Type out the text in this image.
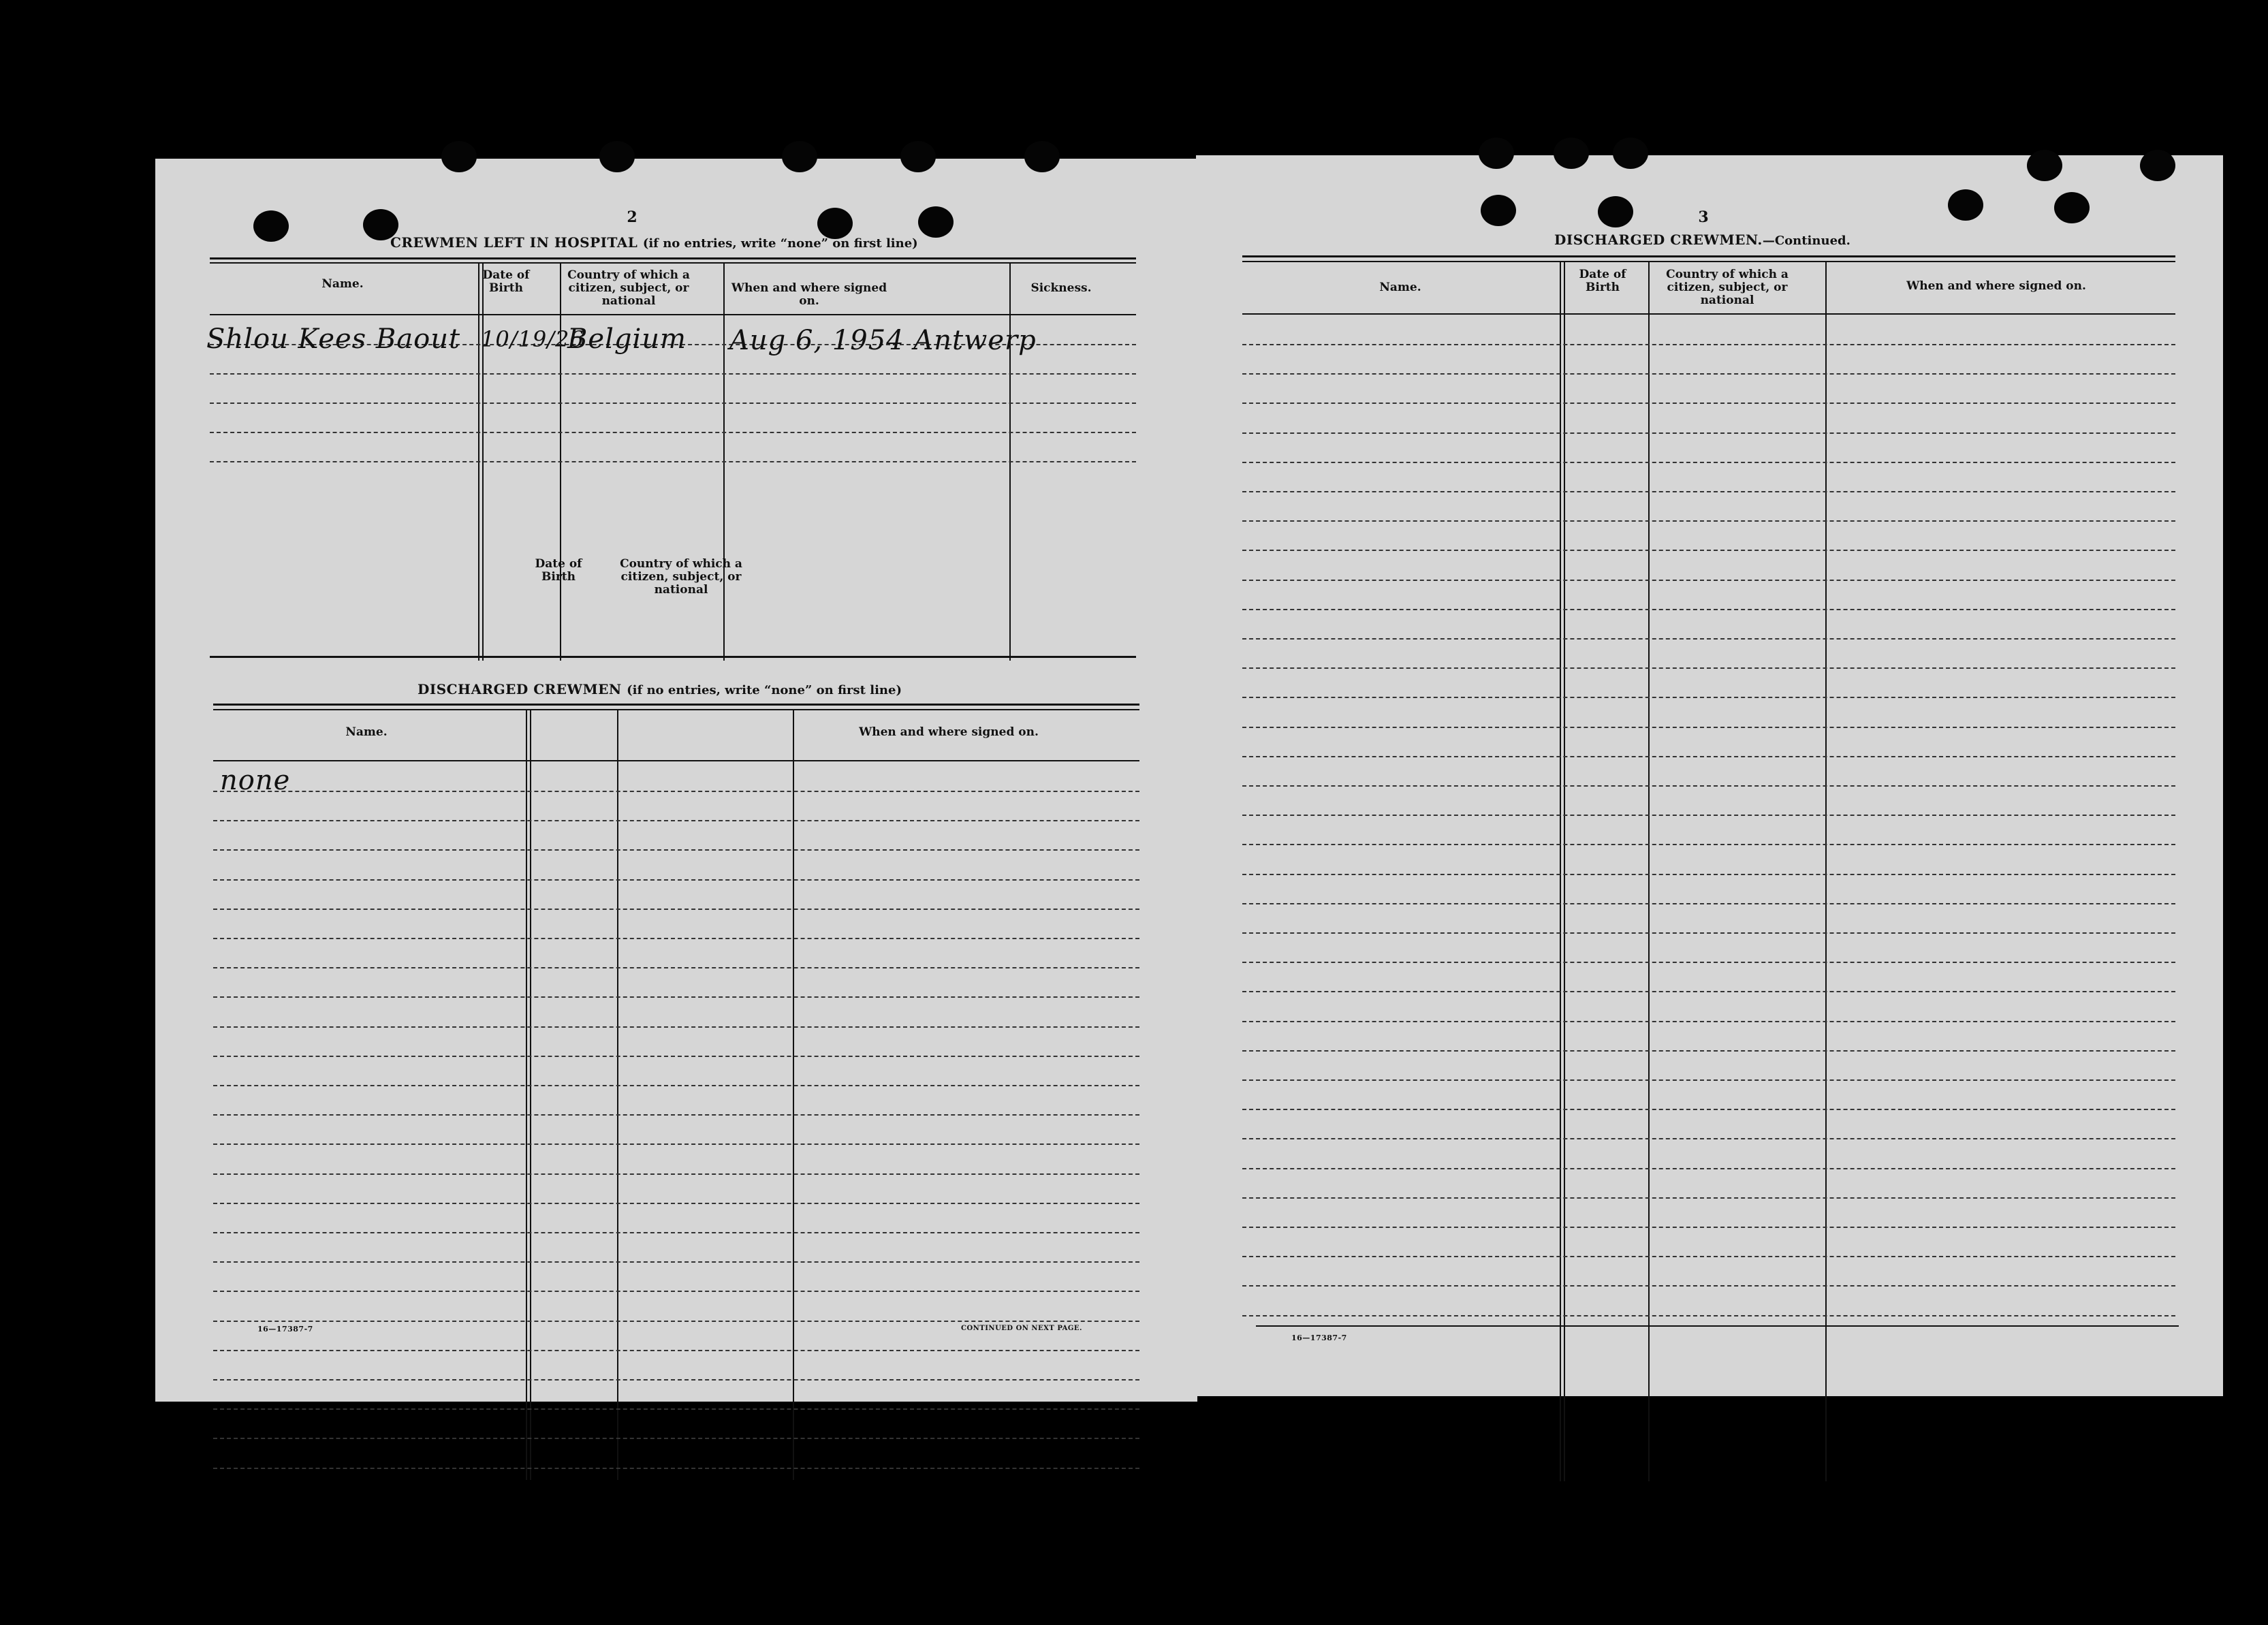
2
CREWMEN LEFT IN HOSPITAL (if no entries, write “none” on first line)
Name.
Date of Birth
Country of which a citizen, subject, or national
When and where signed on.
Sickness.
Shlou Kees Baout 10/19/26
Belgium Aug 6, 1954 Antwerp
DISCHARGED CREWMEN (if no entries, write “none” on first line)
Name.
Date of Birth
Country of which a citizen, subject, or national
When and where signed on.
none
16—17387-7	CONTINUED ON NEXT PAGE.
3
DISCHARGED CREWMEN.—Continued.
Name.
Date of Birth
Country of which a citizen, subject, or national
When and where signed on.
16—17387-7
